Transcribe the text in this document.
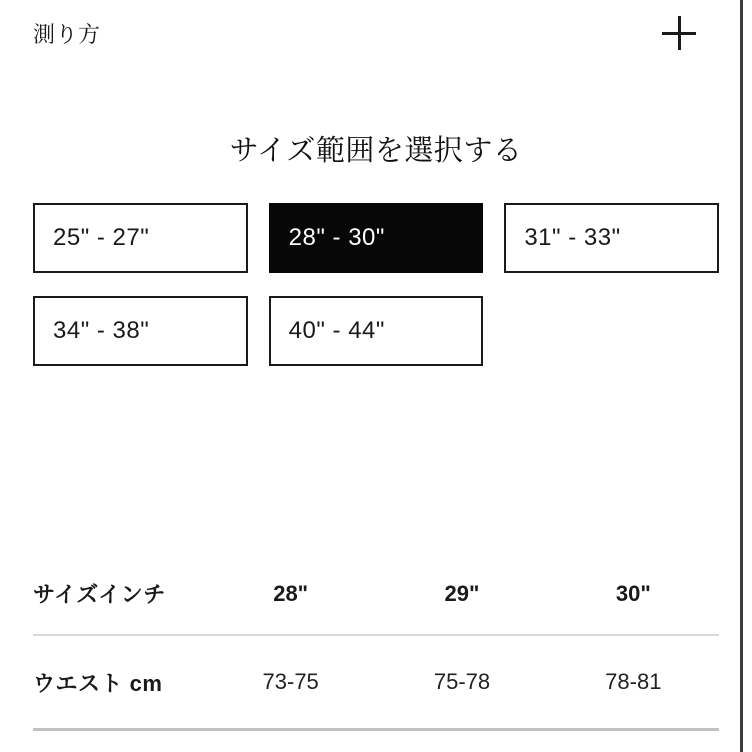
測り方
サイズ範囲を選択する
25" - 27"	28" - 30"	31" - 33"
34" - 38"	40" - 44"
サイズインチ	28"	29"	30"
ウエスト cm	73-75	75-78	78-81
